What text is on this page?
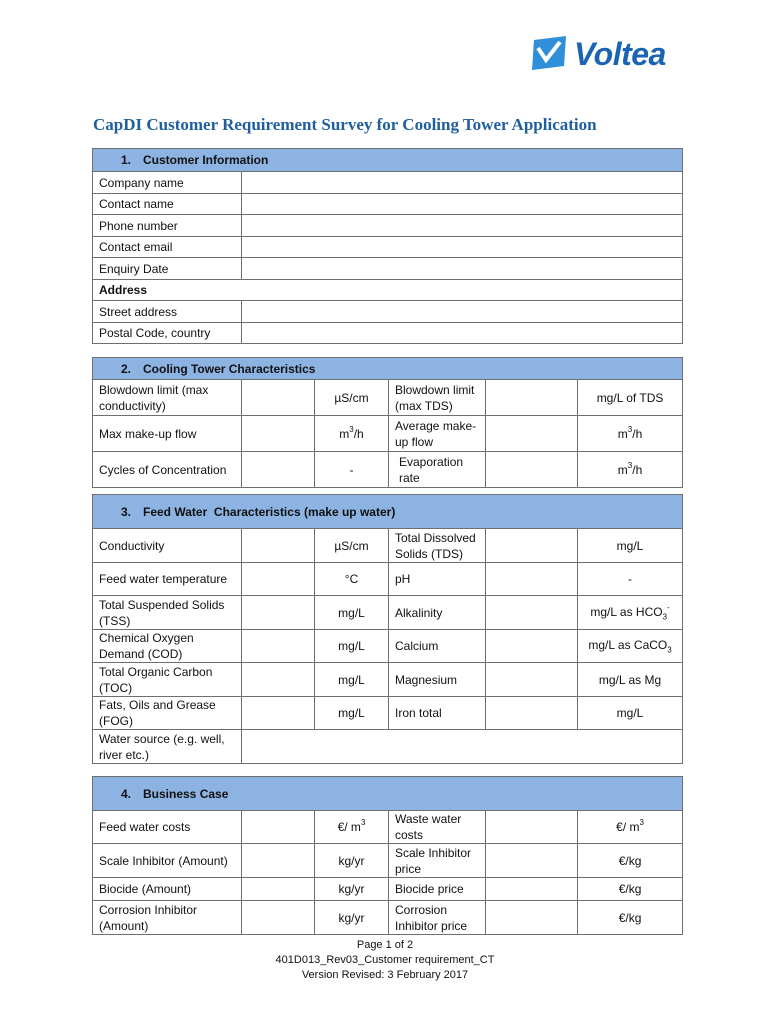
Voltea
CapDI Customer Requirement Survey for Cooling Tower Application
1. Customer Information	
Company name	
Contact name	
Phone number	
Contact email	
Enquiry Date	
Address	
Street address	
Postal Code, country	
2. Cooling Tower Characteristics					
Blowdown limit (max conductivity)		µS/cm	Blowdown limit (max TDS)		mg/L of TDS
Max make-up flow		$m^3/h$	Average make-up flow		$m^3/h$
Cycles of Concentration		-	Evaporation rate		$m^3/h$
3. Feed Water  Characteristics (make up water)					
Conductivity		µS/cm	Total Dissolved Solids (TDS)		mg/L
Feed water temperature		°C	pH		-
Total Suspended Solids (TSS)		mg/L	Alkalinity		mg/L as $HCO_3^-$
Chemical Oxygen Demand (COD)		mg/L	Calcium		mg/L as CaCO$_3$
Total Organic Carbon (TOC)		mg/L	Magnesium		mg/L as Mg
Fats, Oils and Grease (FOG)		mg/L	Iron total		mg/L
Water source (e.g. well, river etc.)					
4. Business Case					
Feed water costs		€/ $m^3$	Waste water costs		€/ $m^3$
Scale Inhibitor (Amount)		kg/yr	Scale Inhibitor price		€/kg
Biocide (Amount)		kg/yr	Biocide price		€/kg
Corrosion Inhibitor (Amount)		kg/yr	Corrosion Inhibitor price		€/kg
Page 1 of 2
401D013_Rev03_Customer requirement_CT
Version Revised: 3 February 2017
